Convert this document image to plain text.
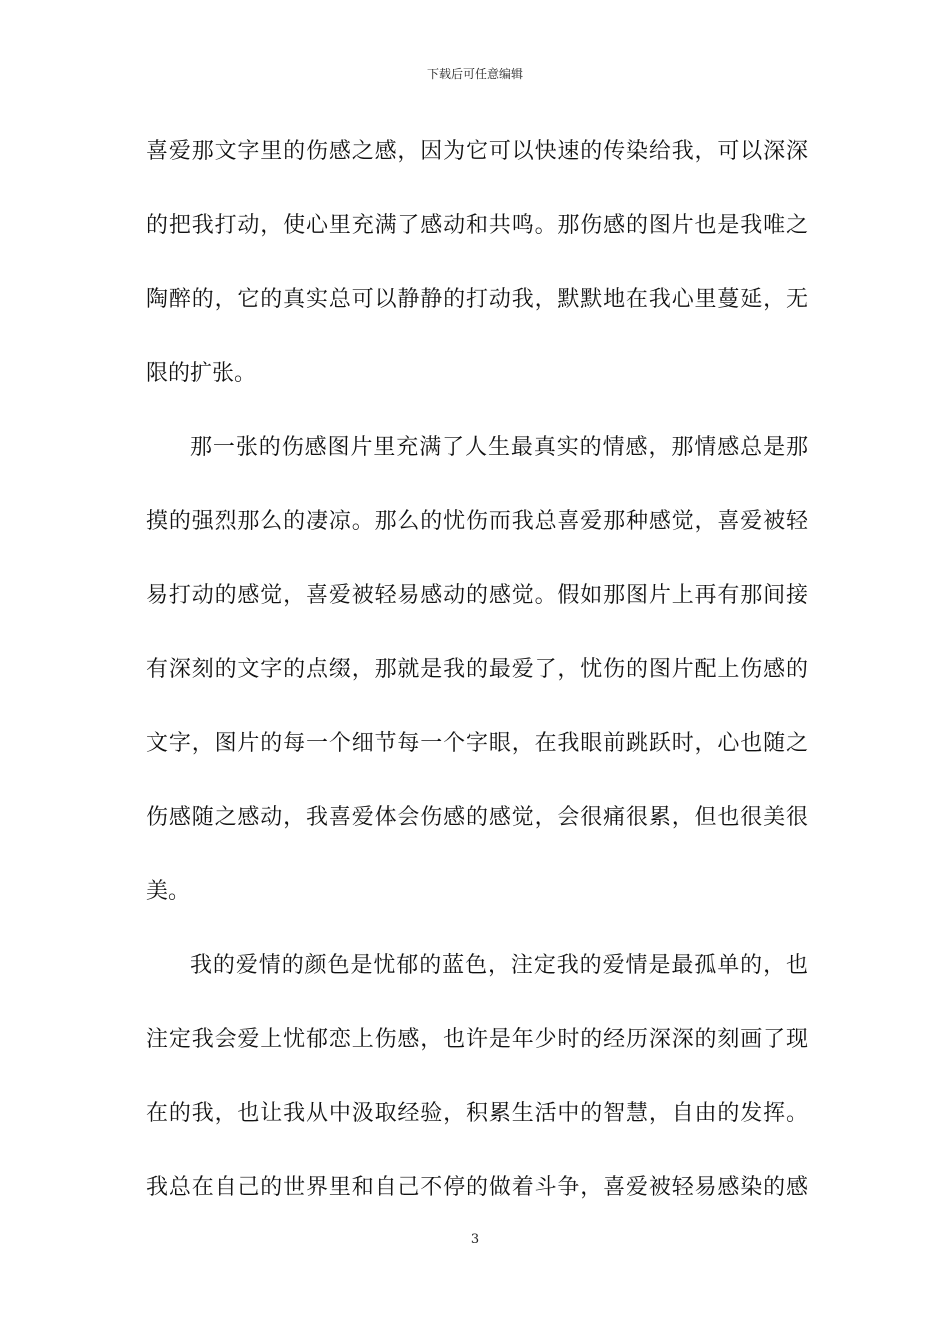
下载后可任意编辑
喜爱那文字里的伤感之感，因为它可以快速的传染给我，可以深深
的把我打动，使心里充满了感动和共鸣。那伤感的图片也是我唯之
陶醉的，它的真实总可以静静的打动我，默默地在我心里蔓延，无
限的扩张。
那一张的伤感图片里充满了人生最真实的情感，那情感总是那
摸的强烈那么的凄凉。那么的忧伤而我总喜爱那种感觉，喜爱被轻
易打动的感觉，喜爱被轻易感动的感觉。假如那图片上再有那间接
有深刻的文字的点缀，那就是我的最爱了，忧伤的图片配上伤感的
文字，图片的每一个细节每一个字眼，在我眼前跳跃时，心也随之
伤感随之感动，我喜爱体会伤感的感觉，会很痛很累，但也很美很
美。
我的爱情的颜色是忧郁的蓝色，注定我的爱情是最孤单的，也
注定我会爱上忧郁恋上伤感，也许是年少时的经历深深的刻画了现
在的我，也让我从中汲取经验，积累生活中的智慧，自由的发挥。
我总在自己的世界里和自己不停的做着斗争，喜爱被轻易感染的感
3
